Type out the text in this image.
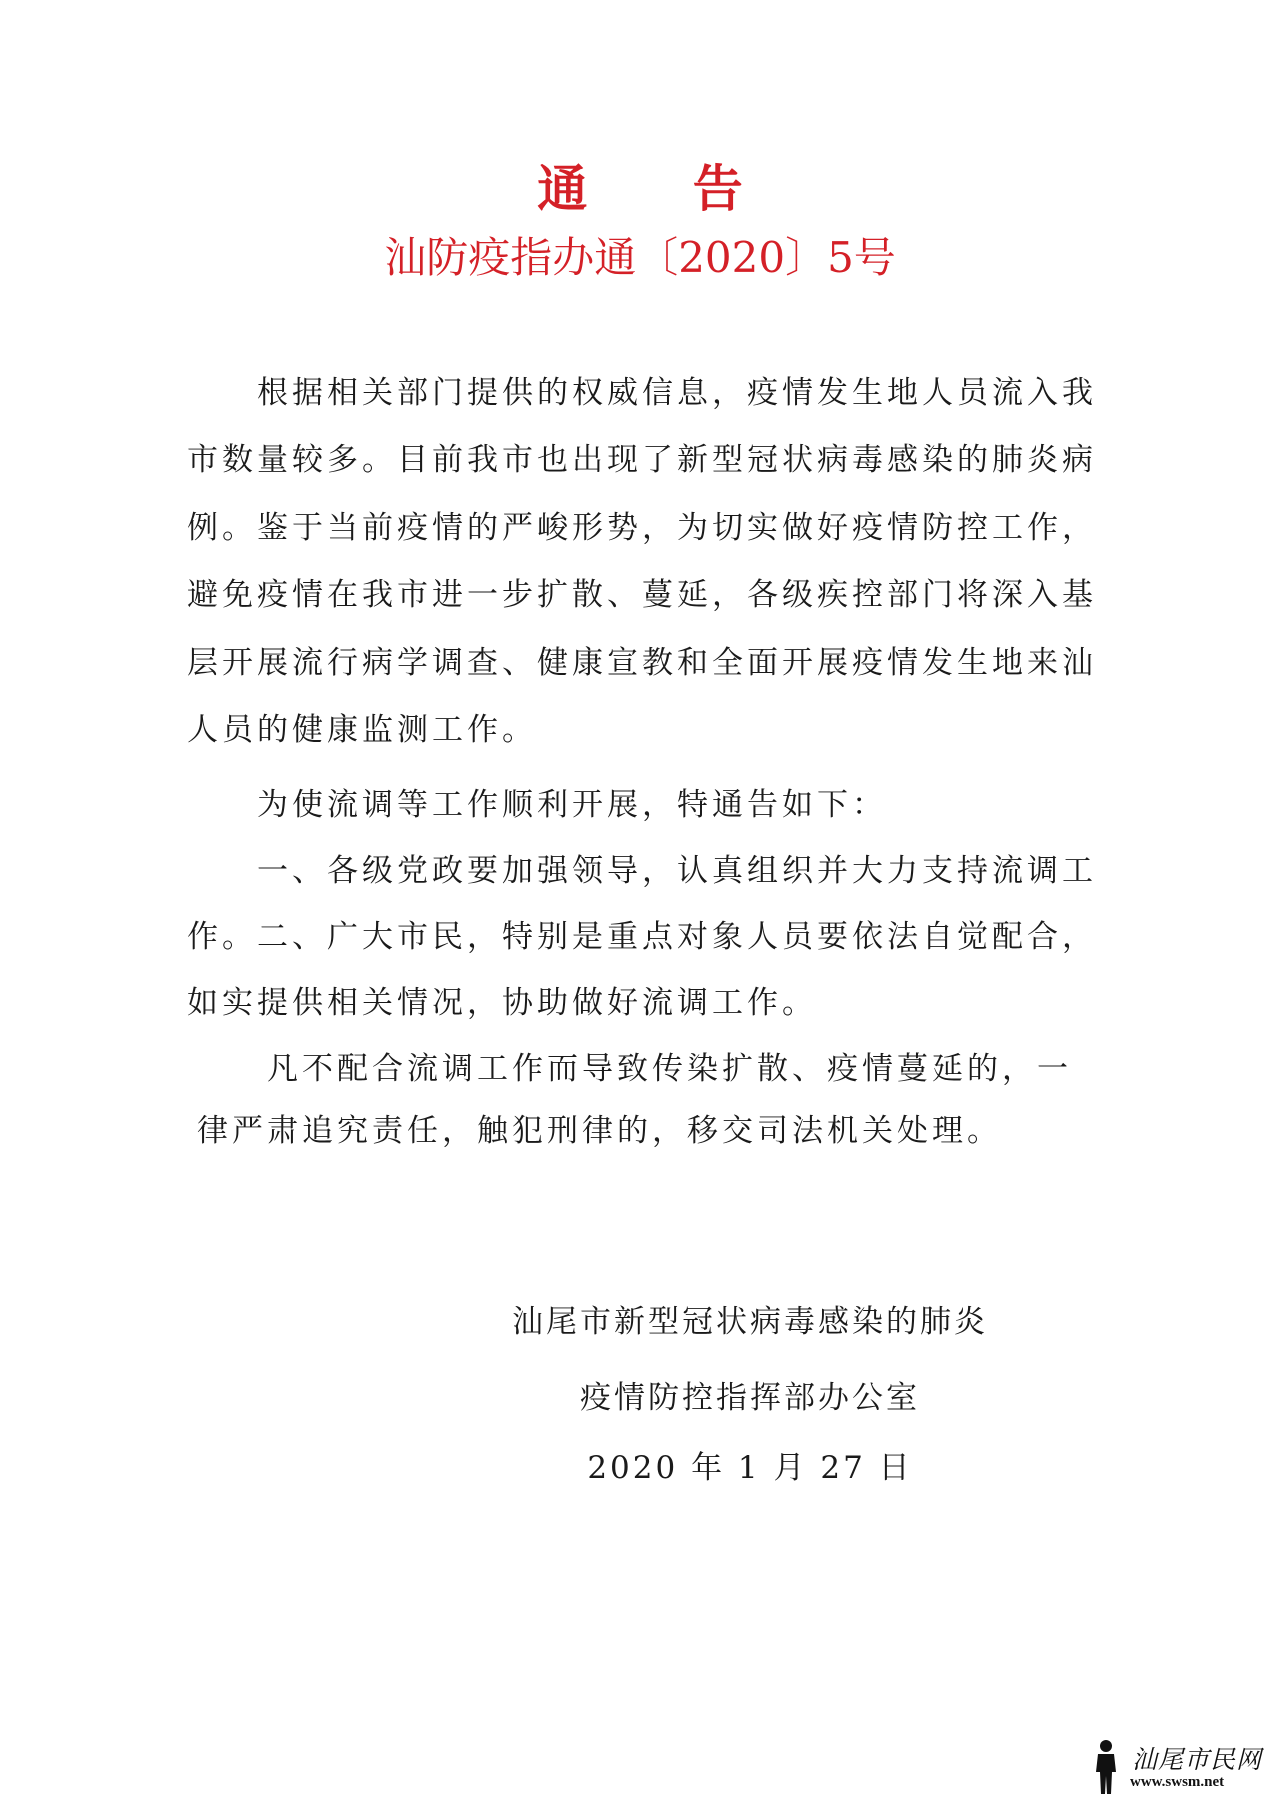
通 告
汕防疫指办通〔2020〕5号

根据相关部门提供的权威信息，疫情发生地人员流入我市数量较多。目前我市也出现了新型冠状病毒感染的肺炎病例。鉴于当前疫情的严峻形势，为切实做好疫情防控工作，避免疫情在我市进一步扩散、蔓延，各级疾控部门将深入基层开展流行病学调查、健康宣教和全面开展疫情发生地来汕人员的健康监测工作。

为使流调等工作顺利开展，特通告如下：

一、各级党政要加强领导，认真组织并大力支持流调工作。 二、广大市民，特别是重点对象人员要依法自觉配合，如实提供相关情况，协助做好流调工作。

凡不配合流调工作而导致传染扩散、疫情蔓延的，一律严肃追究责任，触犯刑律的，移交司法机关处理。

汕尾市新型冠状病毒感染的肺炎
疫情防控指挥部办公室
2020 年 1 月 27 日
汕尾市民网
www.swsm.net
